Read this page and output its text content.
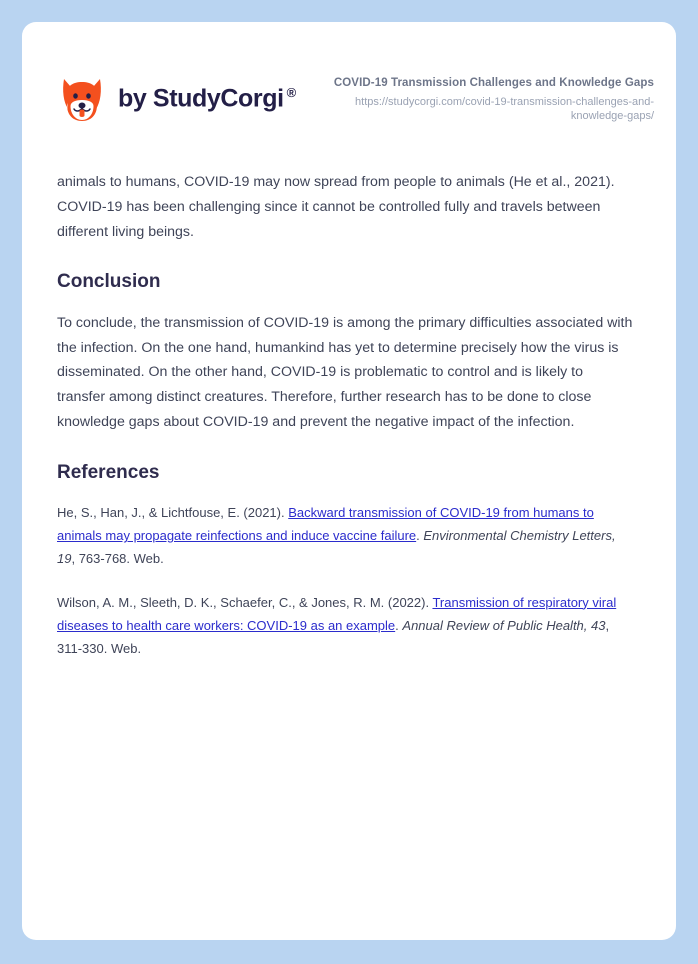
by StudyCorgi ®
COVID-19 Transmission Challenges and Knowledge Gaps
https://studycorgi.com/covid-19-transmission-challenges-and-knowledge-gaps/

animals to humans, COVID-19 may now spread from people to animals (He et al., 2021). COVID-19 has been challenging since it cannot be controlled fully and travels between different living beings.

Conclusion

To conclude, the transmission of COVID-19 is among the primary difficulties associated with the infection. On the one hand, humankind has yet to determine precisely how the virus is disseminated. On the other hand, COVID-19 is problematic to control and is likely to transfer among distinct creatures. Therefore, further research has to be done to close knowledge gaps about COVID-19 and prevent the negative impact of the infection.

References

He, S., Han, J., & Lichtfouse, E. (2021). Backward transmission of COVID-19 from humans to animals may propagate reinfections and induce vaccine failure. Environmental Chemistry Letters, 19, 763-768. Web.

Wilson, A. M., Sleeth, D. K., Schaefer, C., & Jones, R. M. (2022). Transmission of respiratory viral diseases to health care workers: COVID-19 as an example. Annual Review of Public Health, 43, 311-330. Web.
